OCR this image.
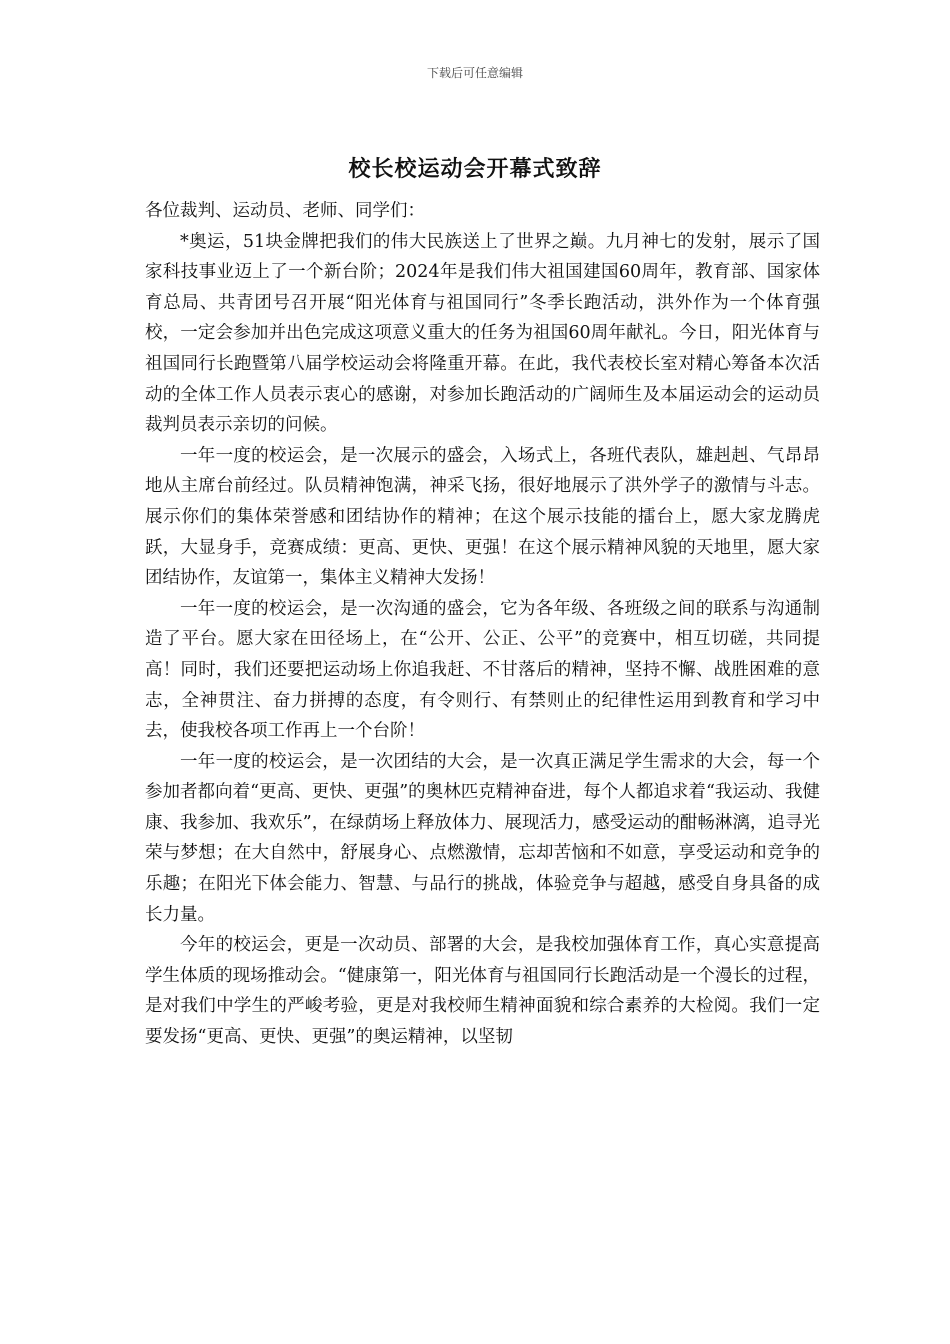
下载后可任意编辑
校长校运动会开幕式致辞

各位裁判、运动员、老师、同学们：

*奥运，51块金牌把我们的伟大民族送上了世界之巅。九月神七的发射，展示了国家科技事业迈上了一个新台阶；2024年是我们伟大祖国建国60周年，教育部、国家体育总局、共青团号召开展“阳光体育与祖国同行”冬季长跑活动，洪外作为一个体育强校，一定会参加并出色完成这项意义重大的任务为祖国60周年献礼。今日，阳光体育与祖国同行长跑暨第八届学校运动会将隆重开幕。在此，我代表校长室对精心筹备本次活动的全体工作人员表示衷心的感谢，对参加长跑活动的广阔师生及本届运动会的运动员裁判员表示亲切的问候。

一年一度的校运会，是一次展示的盛会，入场式上，各班代表队，雄赳赳、气昂昂地从主席台前经过。队员精神饱满，神采飞扬，很好地展示了洪外学子的激情与斗志。展示你们的集体荣誉感和团结协作的精神；在这个展示技能的擂台上，愿大家龙腾虎跃，大显身手，竞赛成绩：更高、更快、更强！在这个展示精神风貌的天地里，愿大家团结协作，友谊第一，集体主义精神大发扬！

一年一度的校运会，是一次沟通的盛会，它为各年级、各班级之间的联系与沟通制造了平台。愿大家在田径场上，在“公开、公正、公平”的竞赛中，相互切磋，共同提高！同时，我们还要把运动场上你追我赶、不甘落后的精神，坚持不懈、战胜困难的意志，全神贯注、奋力拼搏的态度，有令则行、有禁则止的纪律性运用到教育和学习中去，使我校各项工作再上一个台阶！

一年一度的校运会，是一次团结的大会，是一次真正满足学生需求的大会，每一个参加者都向着“更高、更快、更强”的奥林匹克精神奋进，每个人都追求着“我运动、我健康、我参加、我欢乐”，在绿荫场上释放体力、展现活力，感受运动的酣畅淋漓，追寻光荣与梦想；在大自然中，舒展身心、点燃激情，忘却苦恼和不如意，享受运动和竞争的乐趣；在阳光下体会能力、智慧、与品行的挑战，体验竞争与超越，感受自身具备的成长力量。

今年的校运会，更是一次动员、部署的大会，是我校加强体育工作，真心实意提高学生体质的现场推动会。“健康第一，阳光体育与祖国同行长跑活动是一个漫长的过程，是对我们中学生的严峻考验，更是对我校师生精神面貌和综合素养的大检阅。我们一定要发扬“更高、更快、更强”的奥运精神，以坚韧
